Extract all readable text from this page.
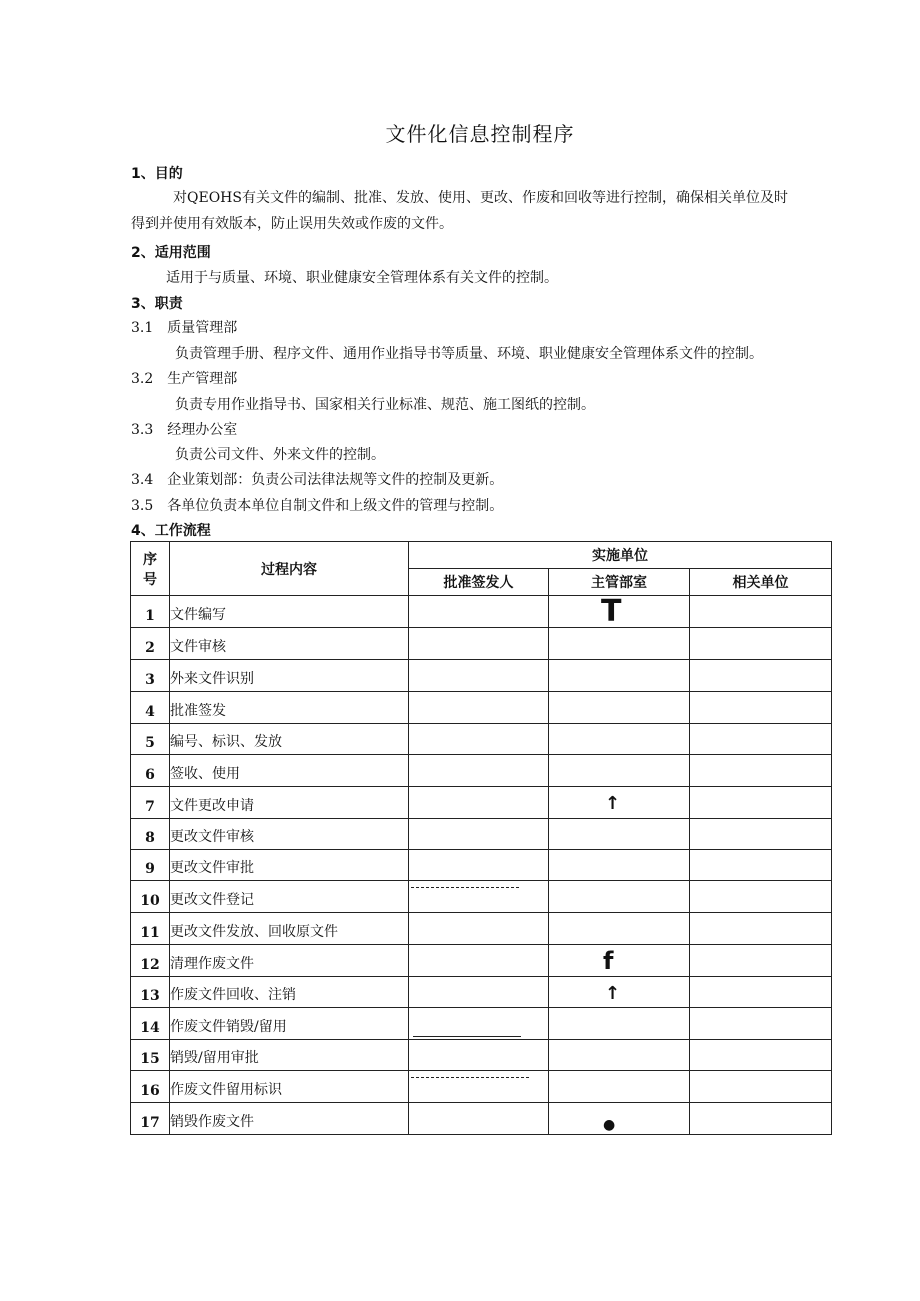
文件化信息控制程序
1、目的
对QEOHS有关文件的编制、批准、发放、使用、更改、作废和回收等进行控制，确保相关单位及时
得到并使用有效版本，防止误用失效或作废的文件。
2、适用范围
适用于与质量、环境、职业健康安全管理体系有关文件的控制。
3、职责
3.1　质量管理部
负责管理手册、程序文件、通用作业指导书等质量、环境、职业健康安全管理体系文件的控制。
3.2　生产管理部
负责专用作业指导书、国家相关行业标准、规范、施工图纸的控制。
3.3　经理办公室
负责公司文件、外来文件的控制。
3.4　企业策划部：负责公司法律法规等文件的控制及更新。
3.5　各单位负责本单位自制文件和上级文件的管理与控制。
4、工作流程
序
号	过程内容	实施单位		
		批准签发人	主管部室	相关单位
1	文件编写		T	

2	文件审核			
3	外来文件识别			
4	批准签发			
5	编号、标识、发放			
6	签收、使用			
7	文件更改申请		↑	

8	更改文件审核			
9	更改文件审批			
10	更改文件登记	

11	更改文件发放、回收原文件			
12	清理作废文件		f	

13	作废文件回收、注销		↑	

14	作废文件销毁/留用	

15	销毁/留用审批			
16	作废文件留用标识	

17	销毁作废文件		●	
